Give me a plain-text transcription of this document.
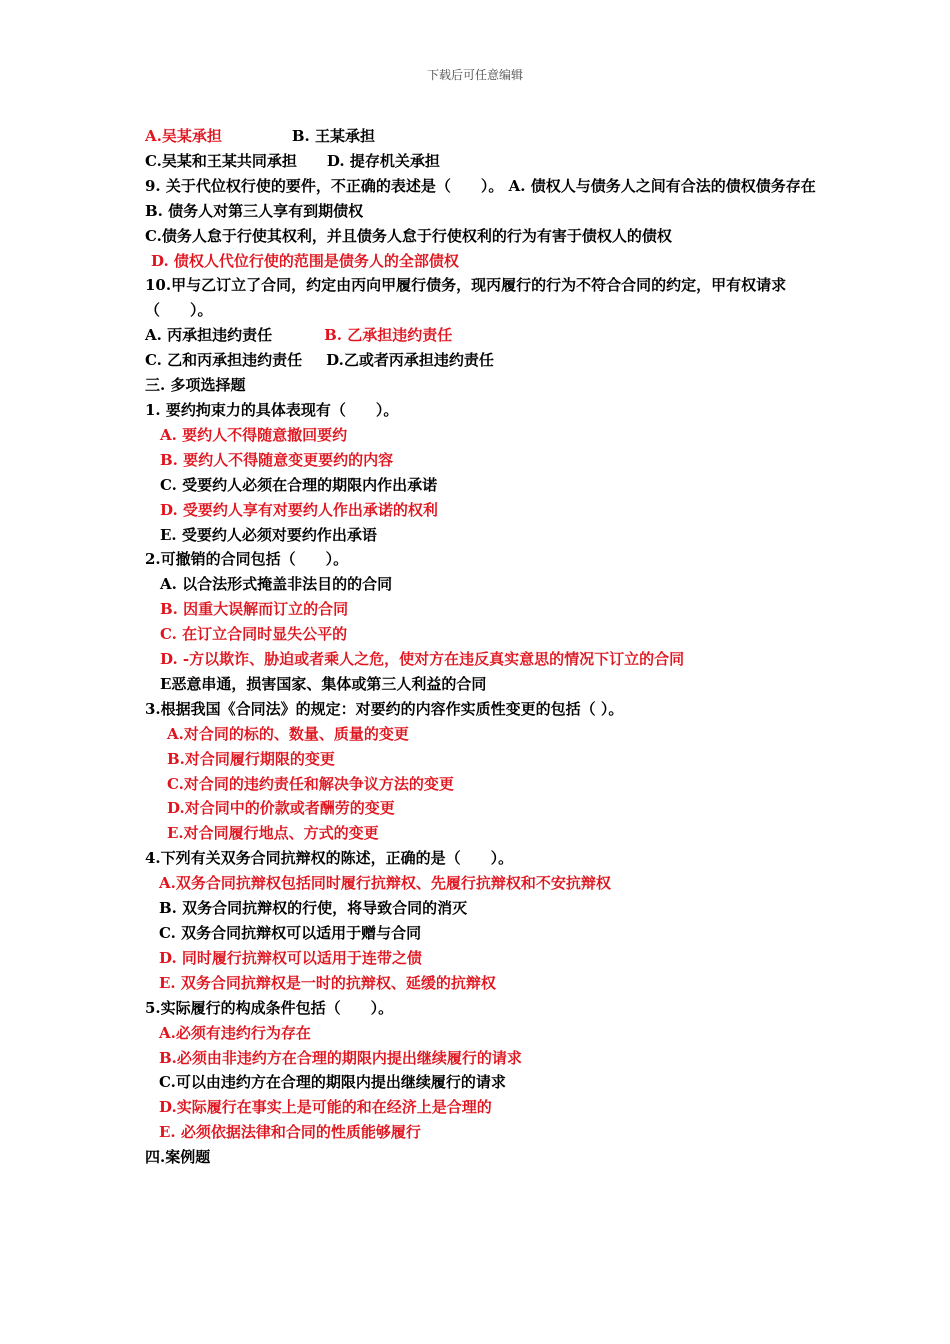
下载后可任意编辑
A.吴某承担	B. 王某承担
C.吴某和王某共同承担 D. 提存机关承担
9. 关于代位权行使的要件，不正确的表述是（　　）。 A. 债权人与债务人之间有合法的债权债务存在
B. 债务人对第三人享有到期债权
C.债务人怠于行使其权利，并且债务人怠于行使权利的行为有害于债权人的债权
D. 债权人代位行使的范围是债务人的全部债权
10.甲与乙订立了合同，约定由丙向甲履行债务，现丙履行的行为不符合合同的约定，甲有权请求（　　）。
A. 丙承担违约责任	B. 乙承担违约责任
C. 乙和丙承担违约责任 D.乙或者丙承担违约责任
三. 多项选择题
1. 要约拘束力的具体表现有（　　）。
A. 要约人不得随意撤回要约
B. 要约人不得随意变更要约的内容
C. 受要约人必须在合理的期限内作出承诺
D. 受要约人享有对要约人作出承诺的权利
E. 受要约人必须对要约作出承语
2.可撤销的合同包括（　　）。
A. 以合法形式掩盖非法目的的合同
B. 因重大误解而订立的合同
C. 在订立合同时显失公平的
D. -方以欺诈、胁迫或者乘人之危，使对方在违反真实意思的情况下订立的合同
E恶意串通，损害国家、集体或第三人利益的合同
3.根据我国《合同法》的规定：对要约的内容作实质性变更的包括（ ）。
A.对合同的标的、数量、质量的变更
B.对合同履行期限的变更
C.对合同的违约责任和解决争议方法的变更
D.对合同中的价款或者酬劳的变更
E.对合同履行地点、方式的变更
4.下列有关双务合同抗辩权的陈述，正确的是（　　）。
A.双务合同抗辩权包括同时履行抗辩权、先履行抗辩权和不安抗辩权
B. 双务合同抗辩权的行使，将导致合同的消灭
C. 双务合同抗辩权可以适用于赠与合同
D. 同时履行抗辩权可以适用于连带之债
E. 双务合同抗辩权是一时的抗辩权、延缓的抗辩权
5.实际履行的构成条件包括（　　）。
A.必须有违约行为存在
B.必须由非违约方在合理的期限内提出继续履行的请求
C.可以由违约方在合理的期限内提出继续履行的请求
D.实际履行在事实上是可能的和在经济上是合理的
E. 必须依据法律和合同的性质能够履行
四.案例题
